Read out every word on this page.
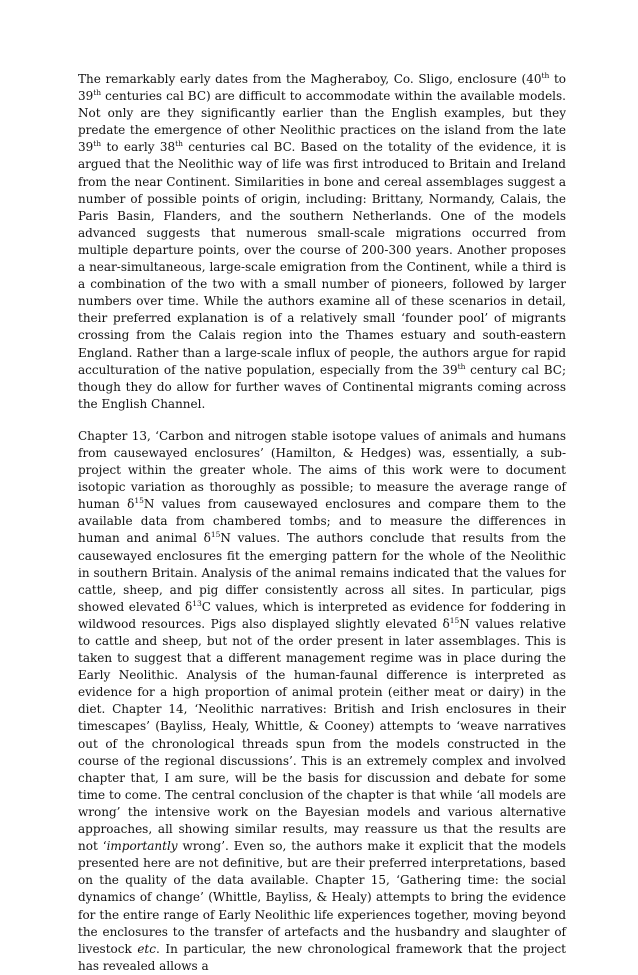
The remarkably early dates from the Magheraboy, Co. Sligo, enclosure (40th to 39th centuries cal BC) are difficult to accommodate within the available models. Not only are they significantly earlier than the English examples, but they predate the emergence of other Neolithic practices on the island from the late 39th to early 38th centuries cal BC. Based on the totality of the evidence, it is argued that the Neolithic way of life was first introduced to Britain and Ireland from the near Continent. Similarities in bone and cereal assemblages suggest a number of possible points of origin, including: Brittany, Normandy, Calais, the Paris Basin, Flanders, and the southern Netherlands. One of the models advanced suggests that numerous small-scale migrations occurred from multiple departure points, over the course of 200-300 years. Another proposes a near-simultaneous, large-scale emigration from the Continent, while a third is a combination of the two with a small number of pioneers, followed by larger numbers over time. While the authors examine all of these scenarios in detail, their preferred explanation is of a relatively small ‘founder pool’ of migrants crossing from the Calais region into the Thames estuary and south-eastern England. Rather than a large-scale influx of people, the authors argue for rapid acculturation of the native population, especially from the 39th century cal BC; though they do allow for further waves of Continental migrants coming across the English Channel.

Chapter 13, ‘Carbon and nitrogen stable isotope values of animals and humans from causewayed enclosures’ (Hamilton, & Hedges) was, essentially, a sub-project within the greater whole. The aims of this work were to document isotopic variation as thoroughly as possible; to measure the average range of human $\delta^{15}N$ values from causewayed enclosures and compare them to the available data from chambered tombs; and to measure the differences in human and animal $\delta^{15}N$ values. The authors conclude that results from the causewayed enclosures fit the emerging pattern for the whole of the Neolithic in southern Britain. Analysis of the animal remains indicated that the values for cattle, sheep, and pig differ consistently across all sites. In particular, pigs showed elevated $\delta^{13}C$ values, which is interpreted as evidence for foddering in wildwood resources. Pigs also displayed slightly elevated $\delta^{15}N$ values relative to cattle and sheep, but not of the order present in later assemblages. This is taken to suggest that a different management regime was in place during the Early Neolithic. Analysis of the human-faunal difference is interpreted as evidence for a high proportion of animal protein (either meat or dairy) in the diet. Chapter 14, ‘Neolithic narratives: British and Irish enclosures in their timescapes’ (Bayliss, Healy, Whittle, & Cooney) attempts to ‘weave narratives out of the chronological threads spun from the models constructed in the course of the regional discussions’. This is an extremely complex and involved chapter that, I am sure, will be the basis for discussion and debate for some time to come. The central conclusion of the chapter is that while ‘all models are wrong’ the intensive work on the Bayesian models and various alternative approaches, all showing similar results, may reassure us that the results are not ‘importantly wrong’. Even so, the authors make it explicit that the models presented here are not definitive, but are their preferred interpretations, based on the quality of the data available. Chapter 15, ‘Gathering time: the social dynamics of change’ (Whittle, Bayliss, & Healy) attempts to bring the evidence for the entire range of Early Neolithic life experiences together, moving beyond the enclosures to the transfer of artefacts and the husbandry and slaughter of livestock etc. In particular, the new chronological framework that the project has revealed allows a
